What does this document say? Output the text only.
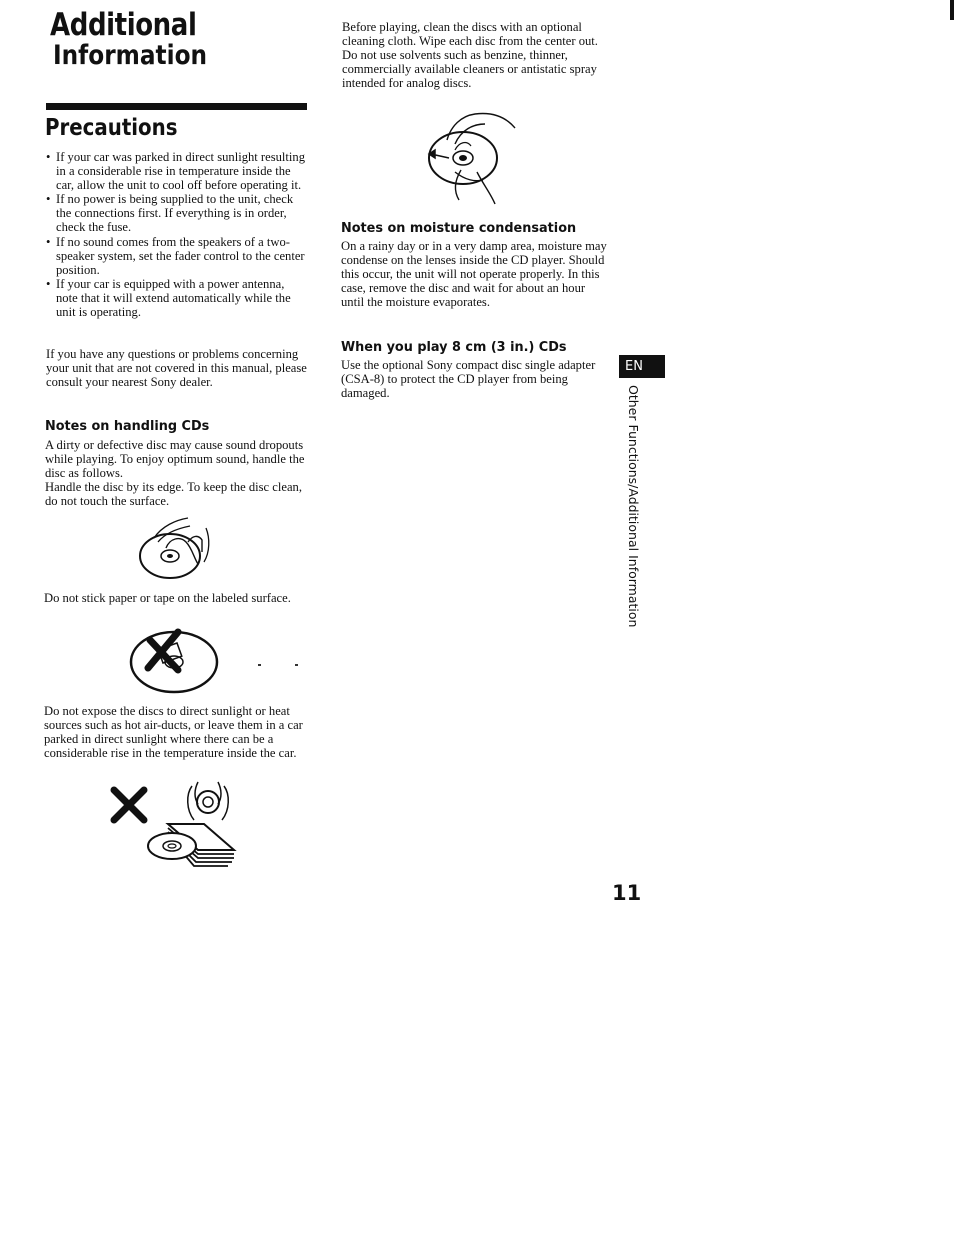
Additional
Information
Precautions

• If your car was parked in direct sunlight resulting in a considerable rise in temperature inside the car, allow the unit to cool off before operating it.

• If no power is being supplied to the unit, check the connections first. If everything is in order, check the fuse.

• If no sound comes from the speakers of a two-speaker system, set the fader control to the center position.

• If your car is equipped with a power antenna, note that it will extend automatically while the unit is operating.

If you have any questions or problems concerning your unit that are not covered in this manual, please consult your nearest Sony dealer.
Notes on handling CDs
A dirty or defective disc may cause sound dropouts while playing. To enjoy optimum sound, handle the disc as follows.
Handle the disc by its edge. To keep the disc clean, do not touch the surface.
Do not stick paper or tape on the labeled surface.
Do not expose the discs to direct sunlight or heat sources such as hot air-ducts, or leave them in a car parked in direct sunlight where there can be a considerable rise in the temperature inside the car.
Before playing, clean the discs with an optional cleaning cloth. Wipe each disc from the center out.
Do not use solvents such as benzine, thinner, commercially available cleaners or antistatic spray intended for analog discs.
Notes on moisture condensation
On a rainy day or in a very damp area, moisture may condense on the lenses inside the CD player. Should this occur, the unit will not operate properly. In this case, remove the disc and wait for about an hour until the moisture evaporates.
When you play 8 cm (3 in.) CDs
Use the optional Sony compact disc single adapter (CSA-8) to protect the CD player from being damaged.
EN
Other Functions/Additional Information
11
